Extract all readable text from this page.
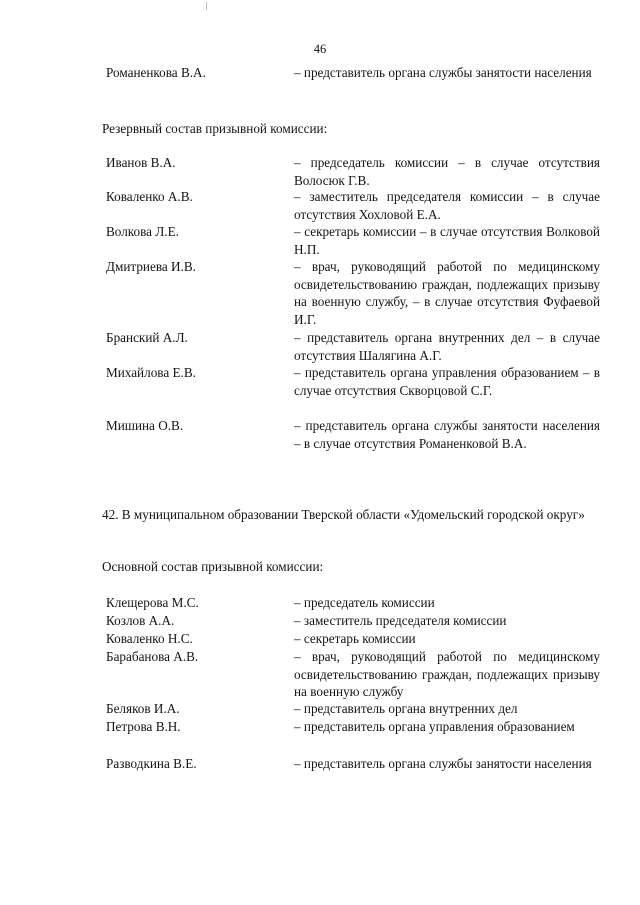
46
Романенкова В.А.	– представитель органа службы занятости населения
Резервный состав призывной комиссии:
Иванов В.А.	– председатель комиссии – в случае отсутствия Волосюк Г.В.
Коваленко А.В.	– заместитель председателя комиссии – в случае отсутствия Хохловой Е.А.
Волкова Л.Е.	– секретарь комиссии – в случае отсутствия Волковой Н.П.
Дмитриева И.В.	– врач, руководящий работой по медицинскому освидетельствованию граждан, подлежащих призыву на военную службу, – в случае отсутствия Фуфаевой И.Г.
Бранский А.Л.	– представитель органа внутренних дел – в случае отсутствия Шалягина А.Г.
Михайлова Е.В.	– представитель органа управления образованием – в случае отсутствия Скворцовой С.Г.
Мишина О.В.	– представитель органа службы занятости населения – в случае отсутствия Романенковой В.А.
42. В муниципальном образовании Тверской области «Удомельский городской округ»
Основной состав призывной комиссии:
Клещерова М.С.	– председатель комиссии
Козлов А.А.	– заместитель председателя комиссии
Коваленко Н.С.	– секретарь комиссии
Барабанова А.В.	– врач, руководящий работой по медицинскому освидетельствованию граждан, подлежащих призыву на военную службу
Беляков И.А.	– представитель органа внутренних дел
Петрова В.Н.	– представитель органа управления образованием
Разводкина В.Е.	– представитель органа службы занятости населения
